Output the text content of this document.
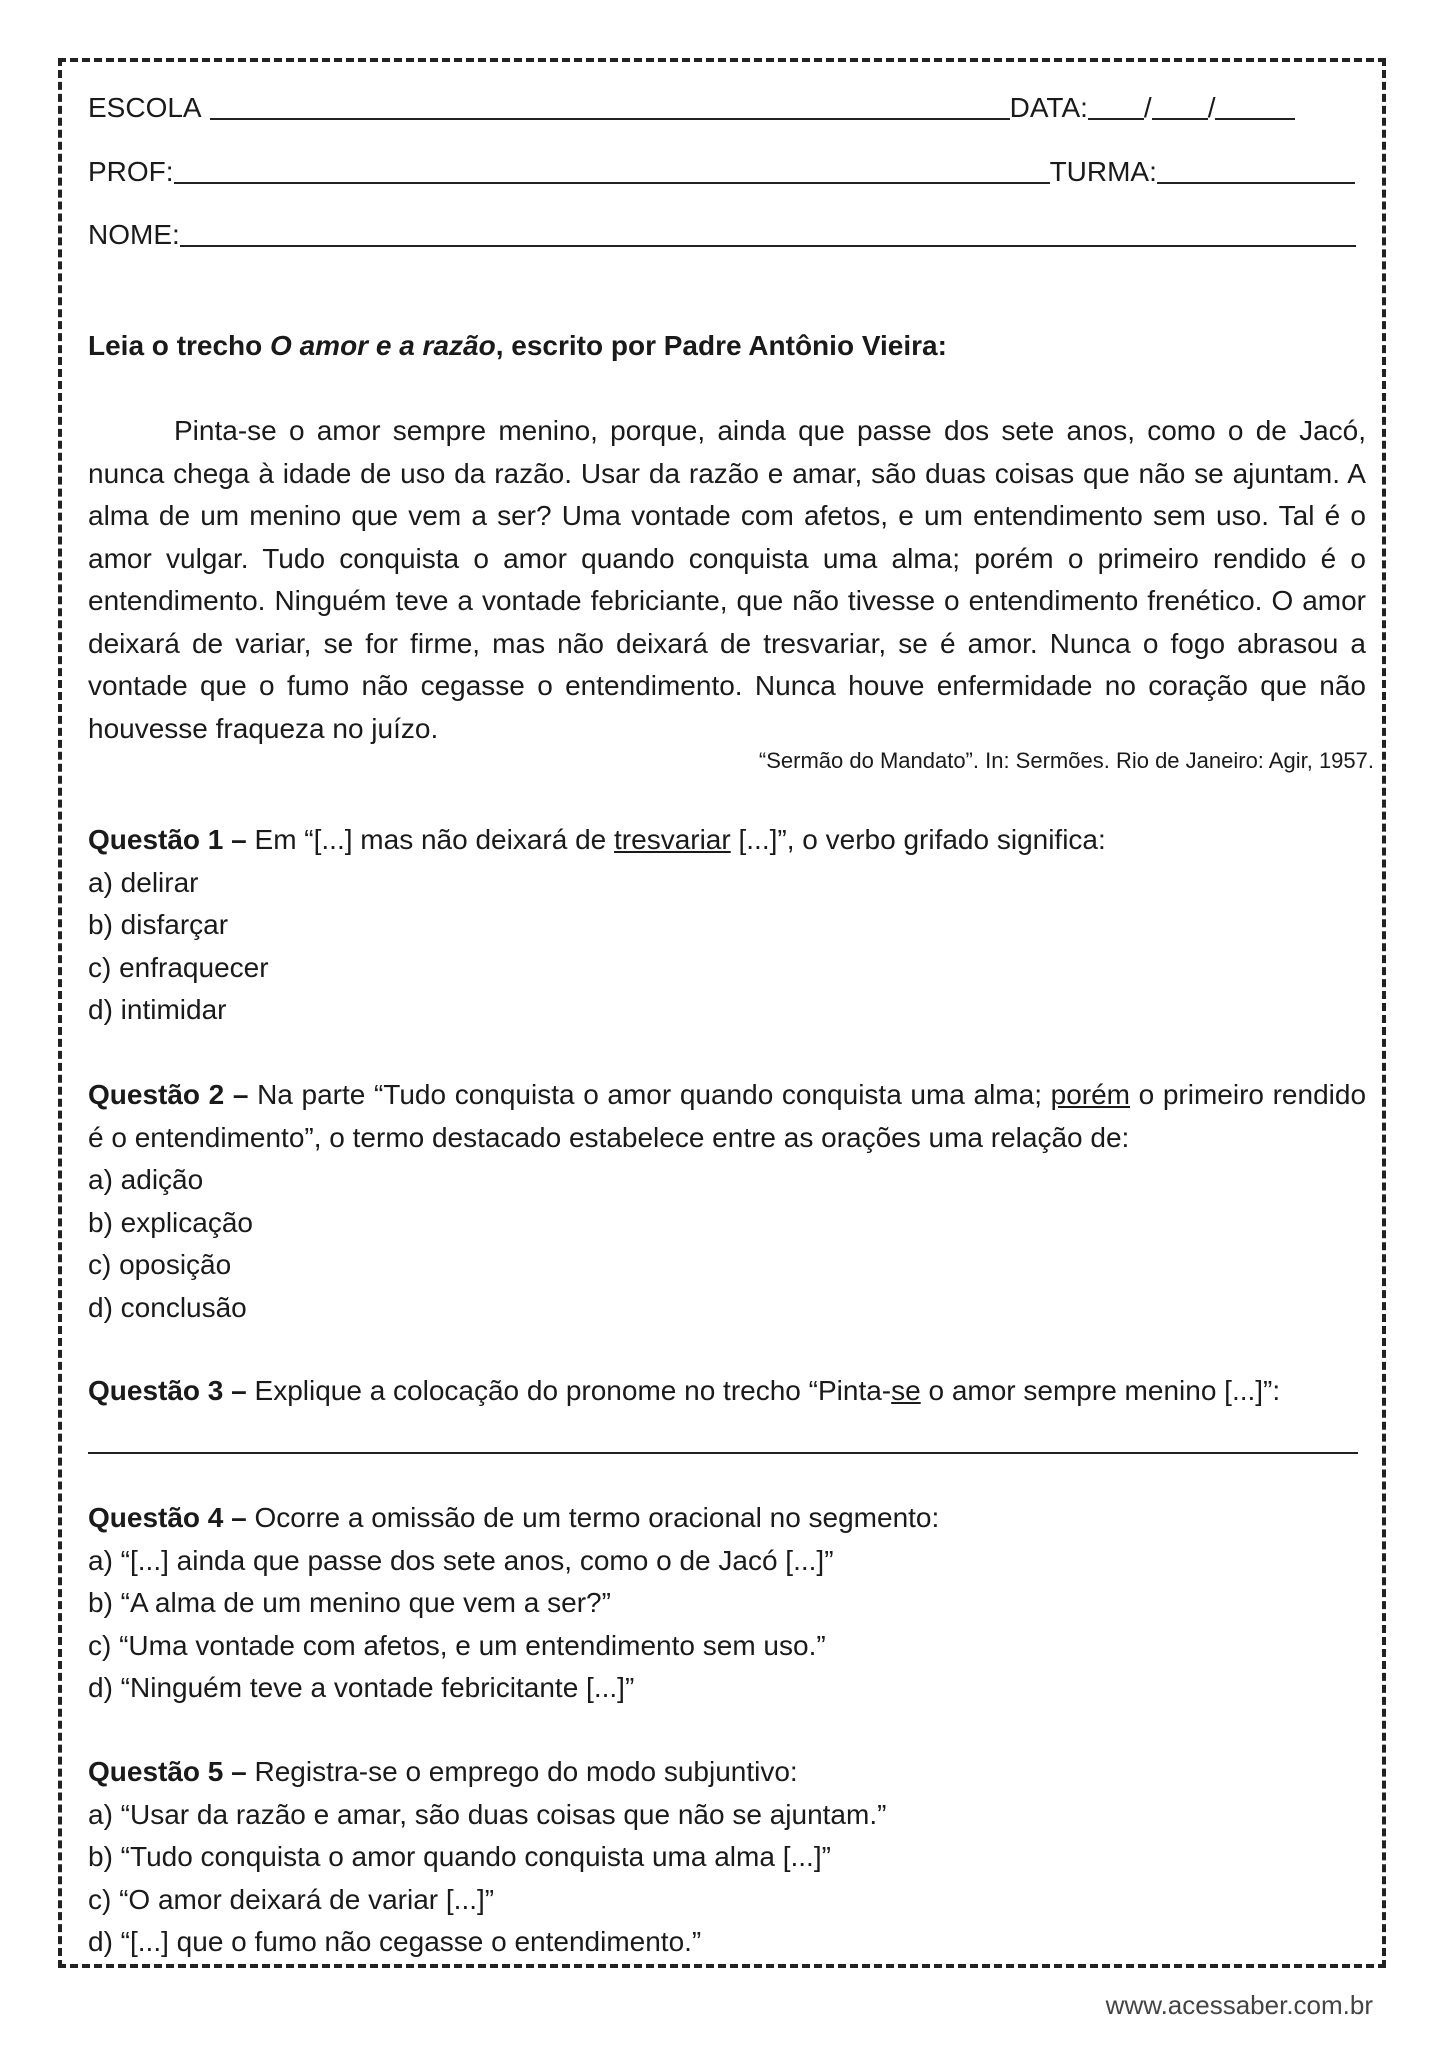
ESCOLA	DATA: / /
PROF:	TURMA:
NOME:
Leia o trecho O amor e a razão, escrito por Padre Antônio Vieira:

Pinta-se o amor sempre menino, porque, ainda que passe dos sete anos, como o de Jacó, nunca chega à idade de uso da razão. Usar da razão e amar, são duas coisas que não se ajuntam. A alma de um menino que vem a ser? Uma vontade com afetos, e um entendimento sem uso. Tal é o amor vulgar. Tudo conquista o amor quando conquista uma alma; porém o primeiro rendido é o entendimento. Ninguém teve a vontade febriciante, que não tivesse o entendimento frenético. O amor deixará de variar, se for firme, mas não deixará de tresvariar, se é amor. Nunca o fogo abrasou a vontade que o fumo não cegasse o entendimento. Nunca houve enfermidade no coração que não houvesse fraqueza no juízo.

“Sermão do Mandato”. In: Sermões. Rio de Janeiro: Agir, 1957.
Questão 1 – Em “[...] mas não deixará de tresvariar [...]”, o verbo grifado significa:
a) delirar
b) disfarçar
c) enfraquecer
d) intimidar
Questão 2 – Na parte “Tudo conquista o amor quando conquista uma alma; porém o primeiro rendido é o entendimento”, o termo destacado estabelece entre as orações uma relação de:
a) adição
b) explicação
c) oposição
d) conclusão
Questão 3 – Explique a colocação do pronome no trecho “Pinta-se o amor sempre menino [...]”:
Questão 4 – Ocorre a omissão de um termo oracional no segmento:
a) “[...] ainda que passe dos sete anos, como o de Jacó [...]”
b) “A alma de um menino que vem a ser?”
c) “Uma vontade com afetos, e um entendimento sem uso.”
d) “Ninguém teve a vontade febricitante [...]”
Questão 5 – Registra-se o emprego do modo subjuntivo:
a) “Usar da razão e amar, são duas coisas que não se ajuntam.”
b) “Tudo conquista o amor quando conquista uma alma [...]”
c) “O amor deixará de variar [...]”
d) “[...] que o fumo não cegasse o entendimento.”
www.acessaber.com.br
